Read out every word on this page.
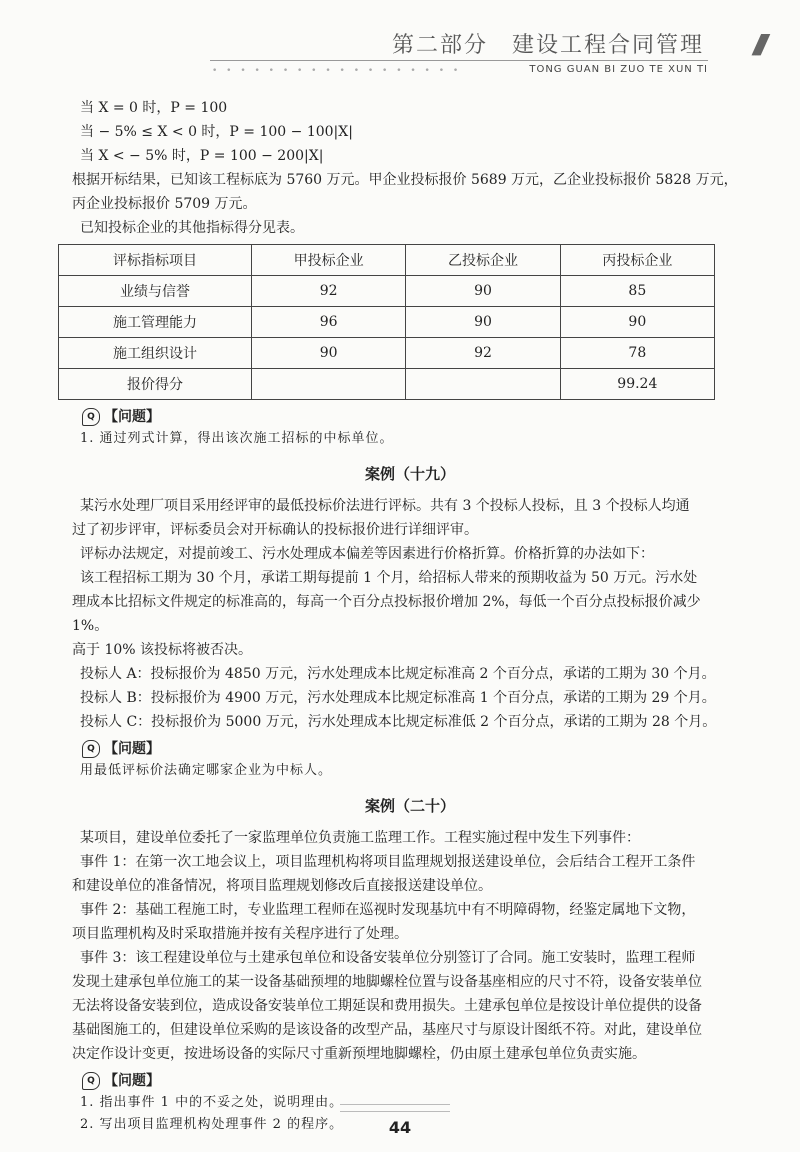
第二部分　建设工程合同管理 /////
• • • • • • • • • • • • • • • • • •	TONG GUAN BI ZUO TE XUN TI

当 X = 0 时，P = 100

当 − 5% ≤ X < 0 时，P = 100 − 100|X|

当 X < − 5% 时，P = 100 − 200|X|

根据开标结果，已知该工程标底为 5760 万元。甲企业投标报价 5689 万元，乙企业投标报价 5828 万元，

丙企业投标报价 5709 万元。

已知投标企业的其他指标得分见表。

评标指标项目	甲投标企业	乙投标企业	丙投标企业
业绩与信誉	92	90	85
施工管理能力	96	90	90
施工组织设计	90	92	78
报价得分			99.24
Q 【问题】

1. 通过列式计算，得出该次施工招标的中标单位。

案例（十九）

某污水处理厂项目采用经评审的最低投标价法进行评标。共有 3 个投标人投标，且 3 个投标人均通

过了初步评审，评标委员会对开标确认的投标报价进行详细评审。

评标办法规定，对提前竣工、污水处理成本偏差等因素进行价格折算。价格折算的办法如下：

该工程招标工期为 30 个月，承诺工期每提前 1 个月，给招标人带来的预期收益为 50 万元。污水处

理成本比招标文件规定的标准高的，每高一个百分点投标报价增加 2%，每低一个百分点投标报价减少 1%。

高于 10% 该投标将被否决。

投标人 A：投标报价为 4850 万元，污水处理成本比规定标准高 2 个百分点，承诺的工期为 30 个月。

投标人 B：投标报价为 4900 万元，污水处理成本比规定标准高 1 个百分点，承诺的工期为 29 个月。

投标人 C：投标报价为 5000 万元，污水处理成本比规定标准低 2 个百分点，承诺的工期为 28 个月。

Q 【问题】

用最低评标价法确定哪家企业为中标人。

案例（二十）

某项目，建设单位委托了一家监理单位负责施工监理工作。工程实施过程中发生下列事件：

事件 1：在第一次工地会议上，项目监理机构将项目监理规划报送建设单位，会后结合工程开工条件

和建设单位的准备情况，将项目监理规划修改后直接报送建设单位。

事件 2：基础工程施工时，专业监理工程师在巡视时发现基坑中有不明障碍物，经鉴定属地下文物，

项目监理机构及时采取措施并按有关程序进行了处理。

事件 3：该工程建设单位与土建承包单位和设备安装单位分别签订了合同。施工安装时，监理工程师

发现土建承包单位施工的某一设备基础预埋的地脚螺栓位置与设备基座相应的尺寸不符，设备安装单位

无法将设备安装到位，造成设备安装单位工期延误和费用损失。土建承包单位是按设计单位提供的设备

基础图施工的，但建设单位采购的是该设备的改型产品，基座尺寸与原设计图纸不符。对此，建设单位

决定作设计变更，按进场设备的实际尺寸重新预埋地脚螺栓，仍由原土建承包单位负责实施。

Q 【问题】

1. 指出事件 1 中的不妥之处，说明理由。

2. 写出项目监理机构处理事件 2 的程序。	44
